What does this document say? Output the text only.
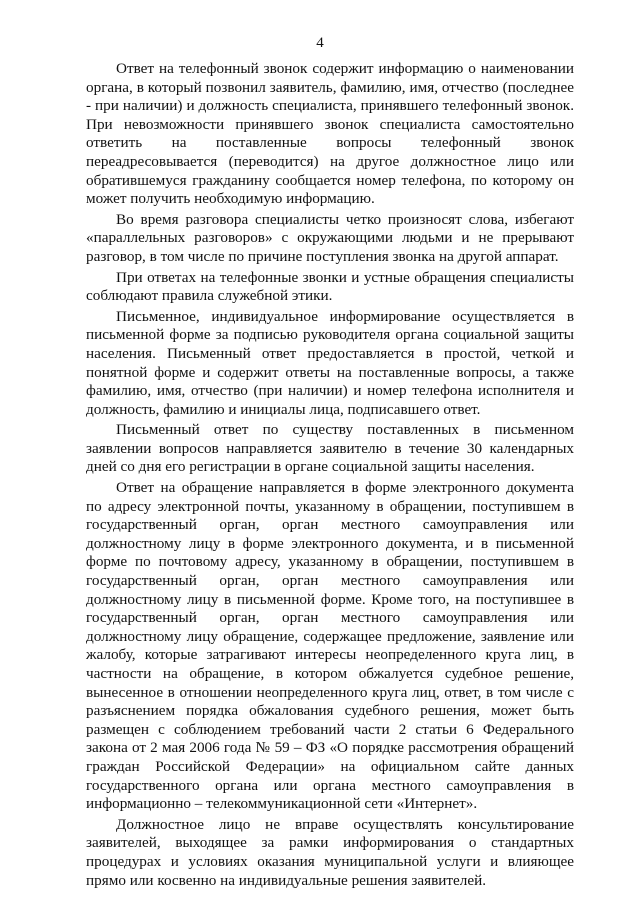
4

Ответ на телефонный звонок содержит информацию о наименовании
органа, в который позвонил заявитель, фамилию, имя, отчество (последнее
- при наличии) и должность специалиста, принявшего телефонный звонок.
При невозможности принявшего звонок специалиста самостоятельно
ответить на поставленные вопросы телефонный звонок
переадресовывается (переводится) на другое должностное лицо или
обратившемуся гражданину сообщается номер телефона, по которому он
может получить необходимую информацию.

Во время разговора специалисты четко произносят слова, избегают
«параллельных разговоров» с окружающими людьми и не прерывают
разговор, в том числе по причине поступления звонка на другой аппарат.

При ответах на телефонные звонки и устные обращения специалисты
соблюдают правила служебной этики.

Письменное, индивидуальное информирование осуществляется в
письменной форме за подписью руководителя органа социальной защиты
населения. Письменный ответ предоставляется в простой, четкой и
понятной форме и содержит ответы на поставленные вопросы, а также
фамилию, имя, отчество (при наличии) и номер телефона исполнителя и
должность, фамилию и инициалы лица, подписавшего ответ.

Письменный ответ по существу поставленных в письменном
заявлении вопросов направляется заявителю в течение 30 календарных
дней со дня его регистрации в органе социальной защиты населения.

Ответ на обращение направляется в форме электронного документа
по адресу электронной почты, указанному в обращении, поступившем в
государственный орган, орган местного самоуправления или
должностному лицу в форме электронного документа, и в письменной
форме по почтовому адресу, указанному в обращении, поступившем в
государственный орган, орган местного самоуправления или
должностному лицу в письменной форме. Кроме того, на поступившее в
государственный орган, орган местного самоуправления или
должностному лицу обращение, содержащее предложение, заявление или
жалобу, которые затрагивают интересы неопределенного круга лиц, в
частности на обращение, в котором обжалуется судебное решение,
вынесенное в отношении неопределенного круга лиц, ответ, в том числе с
разъяснением порядка обжалования судебного решения, может быть
размещен с соблюдением требований части 2 статьи 6 Федерального
закона от 2 мая 2006 года № 59 – ФЗ «О порядке рассмотрения обращений
граждан Российской Федерации» на официальном сайте данных
государственного органа или органа местного самоуправления в
информационно – телекоммуникационной сети «Интернет».

Должностное лицо не вправе осуществлять консультирование
заявителей, выходящее за рамки информирования о стандартных
процедурах и условиях оказания муниципальной услуги и влияющее
прямо или косвенно на индивидуальные решения заявителей.
